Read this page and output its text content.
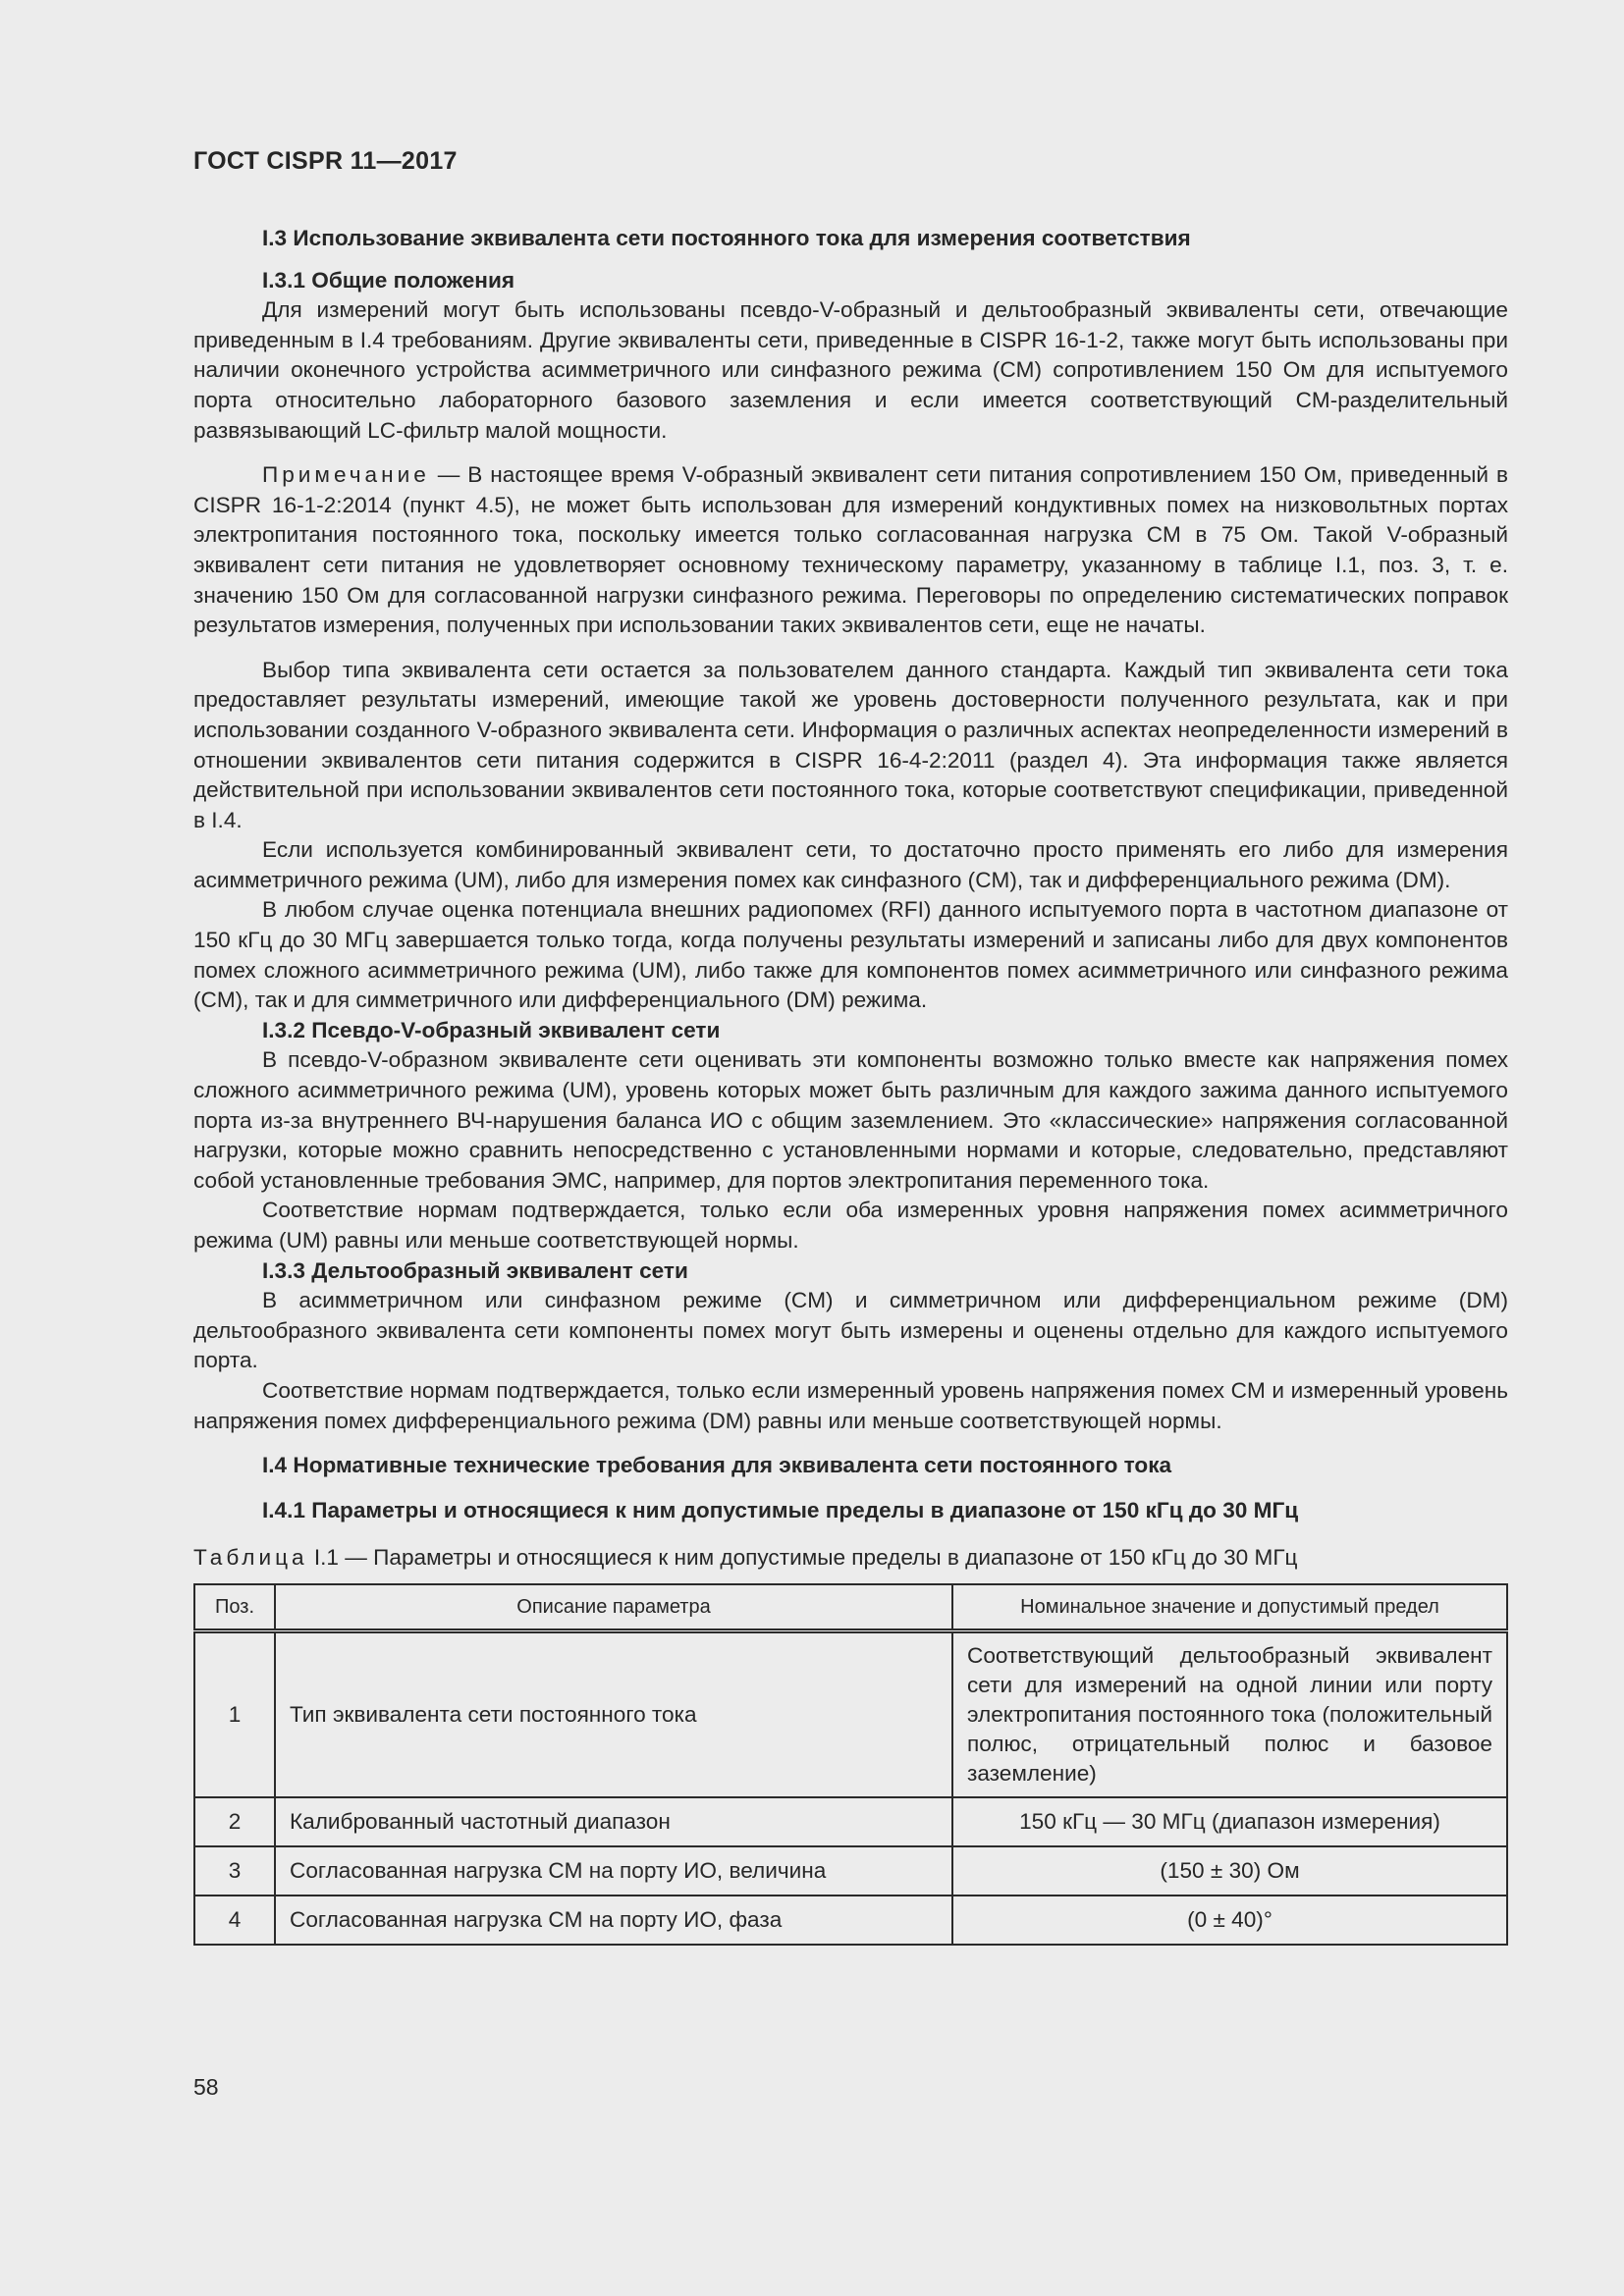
ГОСТ CISPR 11—2017
I.3 Использование эквивалента сети постоянного тока для измерения соответствия
I.3.1 Общие положения

Для измерений могут быть использованы псевдо-V-образный и дельтообразный эквиваленты сети, отвечающие приведенным в I.4 требованиям. Другие эквиваленты сети, приведенные в CISPR 16-1-2, также могут быть использованы при наличии оконечного устройства асимметричного или синфазного режима (CM) сопротивлением 150 Ом для испытуемого порта относительно лабораторного базового заземления и если имеется соответствующий CM-разделительный развязывающий LC-фильтр малой мощности.

Примечание — В настоящее время V-образный эквивалент сети питания сопротивлением 150 Ом, приведенный в CISPR 16-1-2:2014 (пункт 4.5), не может быть использован для измерений кондуктивных помех на низковольтных портах электропитания постоянного тока, поскольку имеется только согласованная нагрузка CM в 75 Ом. Такой V-образный эквивалент сети питания не удовлетворяет основному техническому параметру, указанному в таблице I.1, поз. 3, т. е. значению 150 Ом для согласованной нагрузки синфазного режима. Переговоры по определению систематических поправок результатов измерения, полученных при использовании таких эквивалентов сети, еще не начаты.

Выбор типа эквивалента сети остается за пользователем данного стандарта. Каждый тип эквивалента сети тока предоставляет результаты измерений, имеющие такой же уровень достоверности полученного результата, как и при использовании созданного V-образного эквивалента сети. Информация о различных аспектах неопределенности измерений в отношении эквивалентов сети питания содержится в CISPR 16-4-2:2011 (раздел 4). Эта информация также является действительной при использовании эквивалентов сети постоянного тока, которые соответствуют спецификации, приведенной в I.4.

Если используется комбинированный эквивалент сети, то достаточно просто применять его либо для измерения асимметричного режима (UM), либо для измерения помех как синфазного (CM), так и дифференциального режима (DM).

В любом случае оценка потенциала внешних радиопомех (RFI) данного испытуемого порта в частотном диапазоне от 150 кГц до 30 МГц завершается только тогда, когда получены результаты измерений и записаны либо для двух компонентов помех сложного асимметричного режима (UM), либо также для компонентов помех асимметричного или синфазного режима (CM), так и для симметричного или дифференциального (DM) режима.

I.3.2 Псевдо-V-образный эквивалент сети

В псевдо-V-образном эквиваленте сети оценивать эти компоненты возможно только вместе как напряжения помех сложного асимметричного режима (UM), уровень которых может быть различным для каждого зажима данного испытуемого порта из-за внутреннего ВЧ-нарушения баланса ИО с общим заземлением. Это «классические» напряжения согласованной нагрузки, которые можно сравнить непосредственно с установленными нормами и которые, следовательно, представляют собой установленные требования ЭМС, например, для портов электропитания переменного тока.

Соответствие нормам подтверждается, только если оба измеренных уровня напряжения помех асимметричного режима (UM) равны или меньше соответствующей нормы.

I.3.3 Дельтообразный эквивалент сети

В асимметричном или синфазном режиме (CM) и симметричном или дифференциальном режиме (DM) дельтообразного эквивалента сети компоненты помех могут быть измерены и оценены отдельно для каждого испытуемого порта.

Соответствие нормам подтверждается, только если измеренный уровень напряжения помех CM и измеренный уровень напряжения помех дифференциального режима (DM) равны или меньше соответствующей нормы.

I.4 Нормативные технические требования для эквивалента сети постоянного тока
I.4.1 Параметры и относящиеся к ним допустимые пределы в диапазоне от 150 кГц до 30 МГц

Таблица I.1 — Параметры и относящиеся к ним допустимые пределы в диапазоне от 150 кГц до 30 МГц

Поз.	Описание параметра	Номинальное значение и допустимый предел
1	Тип эквивалента сети постоянного тока	Соответствующий дельтообразный эквивалент сети для измерений на одной линии или порту электропитания постоянного тока (положительный полюс, отрицательный полюс и базовое заземление)
2	Калиброванный частотный диапазон	150 кГц — 30 МГц (диапазон измерения)
3	Согласованная нагрузка CM на порту ИО, величина	(150 ± 30) Ом
4	Согласованная нагрузка CM на порту ИО, фаза	(0 ± 40)°
58
